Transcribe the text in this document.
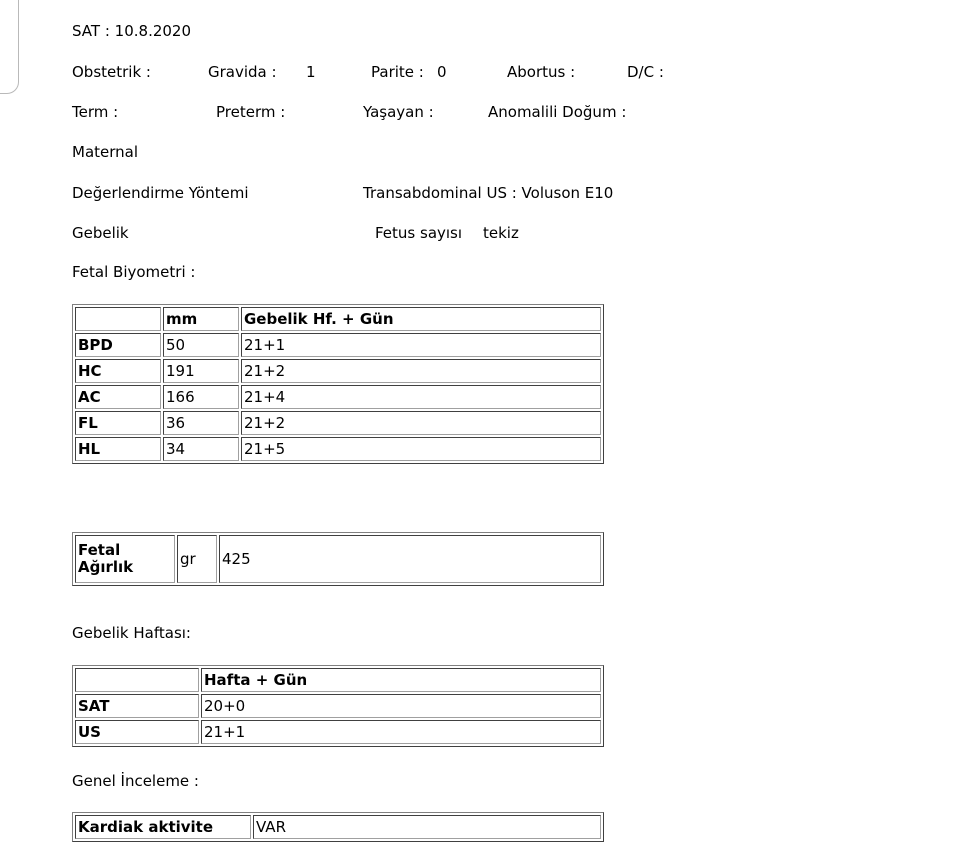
SAT : 10.8.2020
Obstetrik :	Gravida : 1	Parite : 0	Abortus :	D/C :
Term :	Preterm :	Yaşayan :	Anomalili Doğum :
Maternal
Değerlendirme Yöntemi	Transabdominal US : Voluson E10
Gebelik	Fetus sayısı tekiz
Fetal Biyometri :
	mm	Gebelik Hf. + Gün
BPD	50	21+1
HC	191	21+2
AC	166	21+4
FL	36	21+2
HL	34	21+5
Fetal Ağırlık	gr	425
Gebelik Haftası:
	Hafta + Gün
SAT	20+0
US	21+1
Genel İnceleme :
Kardiak aktivite	VAR
